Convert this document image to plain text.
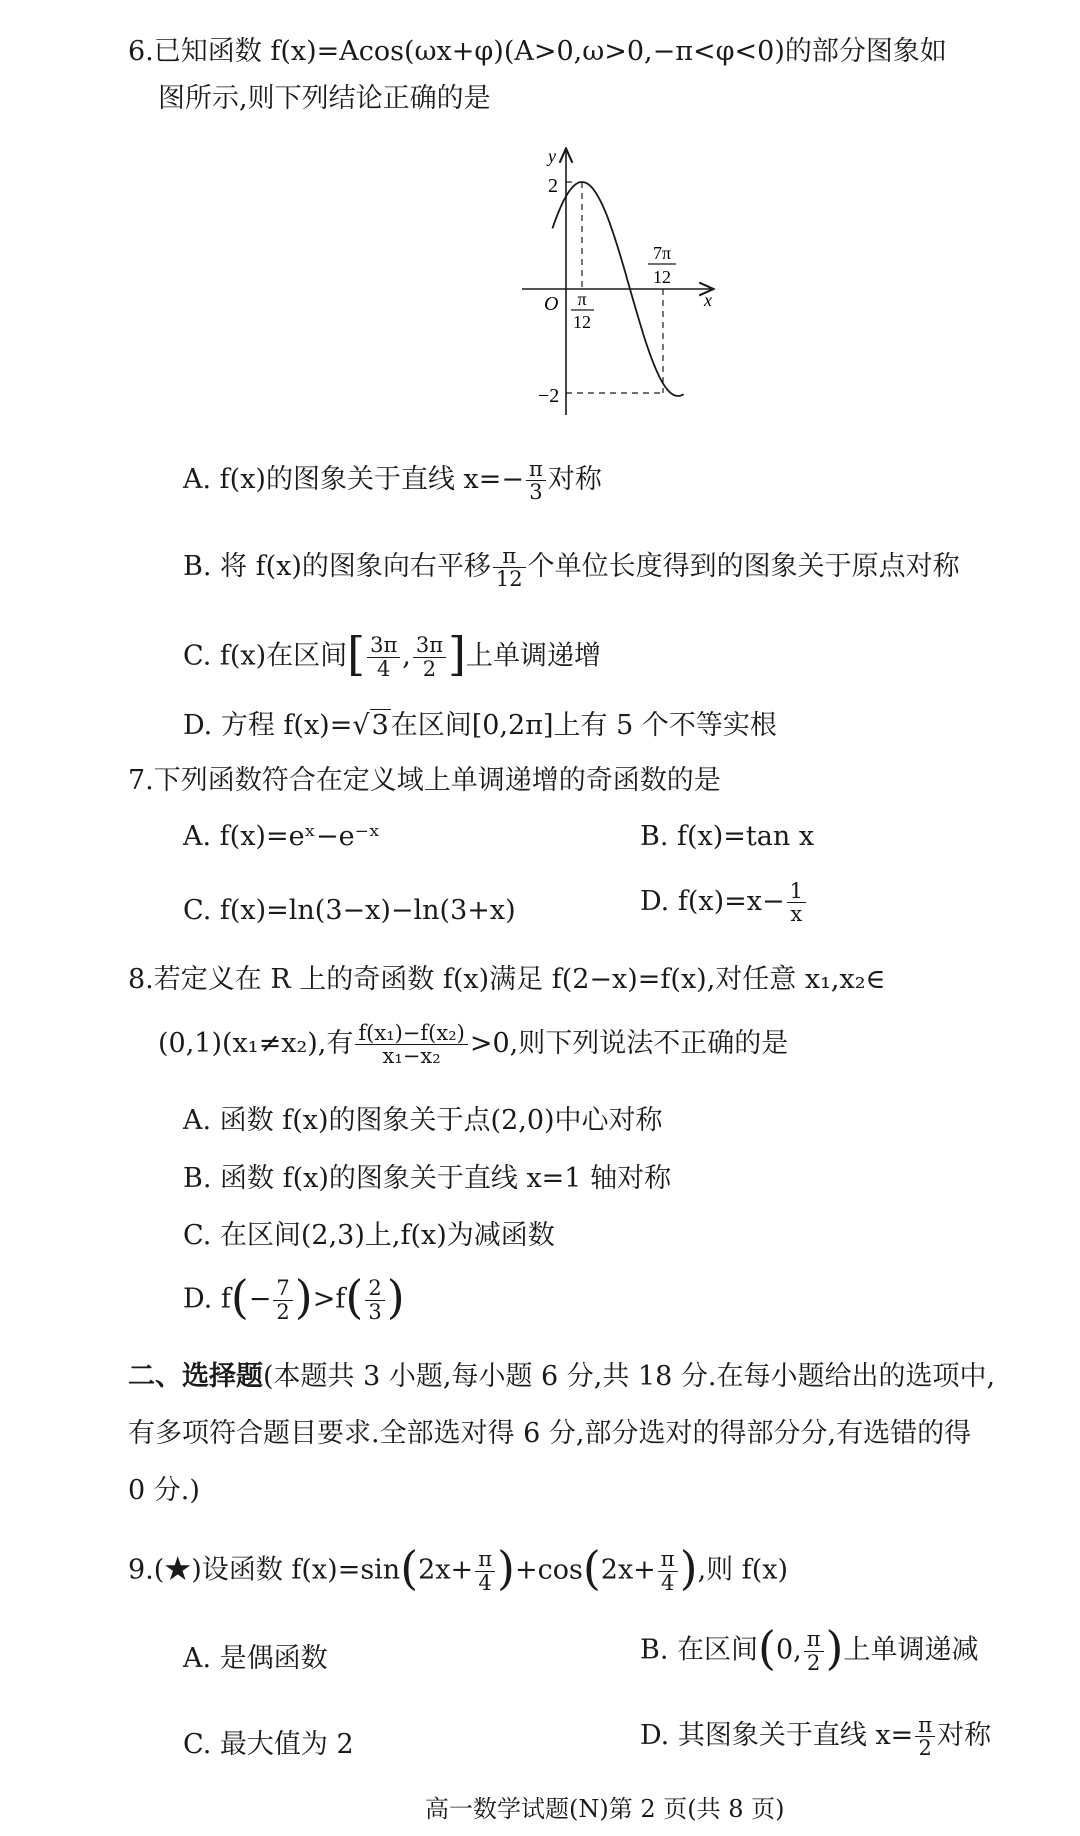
6.已知函数 f(x)=Acos(ωx+φ)(A>0,ω>0,−π<φ<0)的部分图象如
图所示,则下列结论正确的是
y
x
O
2
−2
π
12
7π
12
A. f(x)的图象关于直线 $x=- \frac{\pi}{3}$ 对称
B. 将 f(x)的图象向右平移 $\frac{\pi}{12}$ 个单位长度得到的图象关于原点对称
C. f(x)在区间[ $\frac{3\pi}{4}$ , $\frac{3\pi}{2}$ ]上单调递增
D. 方程 f(x)=√3在区间[0,2π]上有 5 个不等实根
7.下列函数符合在定义域上单调递增的奇函数的是
A. f(x)=eˣ−e⁻ˣ	B. f(x)=tan x
C. f(x)=ln(3−x)−ln(3+x)	D. $f(x)=x- \frac{1}{x}$
8.若定义在 R 上的奇函数 f(x)满足 f(2−x)=f(x),对任意 x₁,x₂∈
(0,1)(x₁≠x₂),有 $\frac{\text{f(x₁)−f(x₂)}}{\text{x₁−x₂}} >0$,则下列说法不正确的是
A. 函数 f(x)的图象关于点(2,0)中心对称
B. 函数 f(x)的图象关于直线 x=1 轴对称
C. 在区间(2,3)上,f(x)为减函数
D. $f(- \frac{7}{2} )>f( \frac{2}{3}$ )
二、选择题(本题共 3 小题,每小题 6 分,共 18 分.在每小题给出的选项中,
有多项符合题目要求.全部选对得 6 分,部分选对的得部分分,有选错的得
0 分.)
9.(★)设函数 $f(x)=\sin(2x+ \frac{\pi}{4} )+\cos(2x+ \frac{\pi}{4}$ ),则 f(x)
A. 是偶函数	B. 在区间(0, $\frac{\pi}{2}$ )上单调递减
C. 最大值为 2	D. 其图象关于直线 $x= \frac{\pi}{2}$ 对称
高一数学试题(N)第 2 页(共 8 页)
